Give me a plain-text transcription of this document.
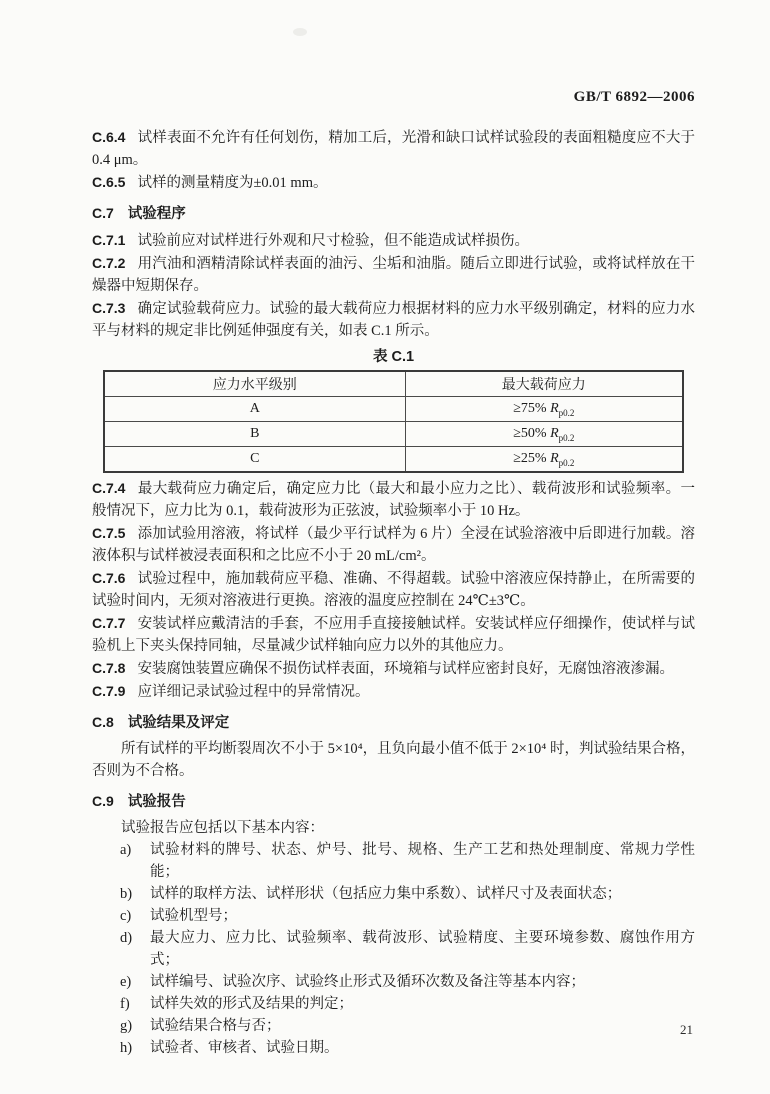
GB/T 6892—2006

C.6.4 试样表面不允许有任何划伤，精加工后，光滑和缺口试样试验段的表面粗糙度应不大于0.4 μm。

C.6.5 试样的测量精度为±0.01 mm。

C.7 试验程序

C.7.1 试验前应对试样进行外观和尺寸检验，但不能造成试样损伤。

C.7.2 用汽油和酒精清除试样表面的油污、尘垢和油脂。随后立即进行试验，或将试样放在干燥器中短期保存。

C.7.3 确定试验载荷应力。试验的最大载荷应力根据材料的应力水平级别确定，材料的应力水平与材料的规定非比例延伸强度有关，如表 C.1 所示。

表 C.1
应力水平级别	最大载荷应力
A	≥75% $R_{p0.2}$
B	≥50% $R_{p0.2}$
C	≥25% $R_{p0.2}$

C.7.4 最大载荷应力确定后，确定应力比（最大和最小应力之比）、载荷波形和试验频率。一般情况下，应力比为 0.1，载荷波形为正弦波，试验频率小于 10 Hz。

C.7.5 添加试验用溶液，将试样（最少平行试样为 6 片）全浸在试验溶液中后即进行加载。溶液体积与试样被浸表面积和之比应不小于 20 mL/cm²。

C.7.6 试验过程中，施加载荷应平稳、准确、不得超载。试验中溶液应保持静止，在所需要的试验时间内，无须对溶液进行更换。溶液的温度应控制在 24℃±3℃。

C.7.7 安装试样应戴清洁的手套，不应用手直接接触试样。安装试样应仔细操作，使试样与试验机上下夹头保持同轴，尽量减少试样轴向应力以外的其他应力。

C.7.8 安装腐蚀装置应确保不损伤试样表面，环境箱与试样应密封良好，无腐蚀溶液渗漏。

C.7.9 应详细记录试验过程中的异常情况。

C.8 试验结果及评定

所有试样的平均断裂周次不小于 5×10⁴，且负向最小值不低于 2×10⁴ 时，判试验结果合格，否则为不合格。

C.9 试验报告

试验报告应包括以下基本内容：

a)	试验材料的牌号、状态、炉号、批号、规格、生产工艺和热处理制度、常规力学性能；
b)	试样的取样方法、试样形状（包括应力集中系数）、试样尺寸及表面状态；
c)	试验机型号；
d)	最大应力、应力比、试验频率、载荷波形、试验精度、主要环境参数、腐蚀作用方式；
e)	试样编号、试验次序、试验终止形式及循环次数及备注等基本内容；
f)	试样失效的形式及结果的判定；
g)	试验结果合格与否；
h)	试验者、审核者、试验日期。
21
